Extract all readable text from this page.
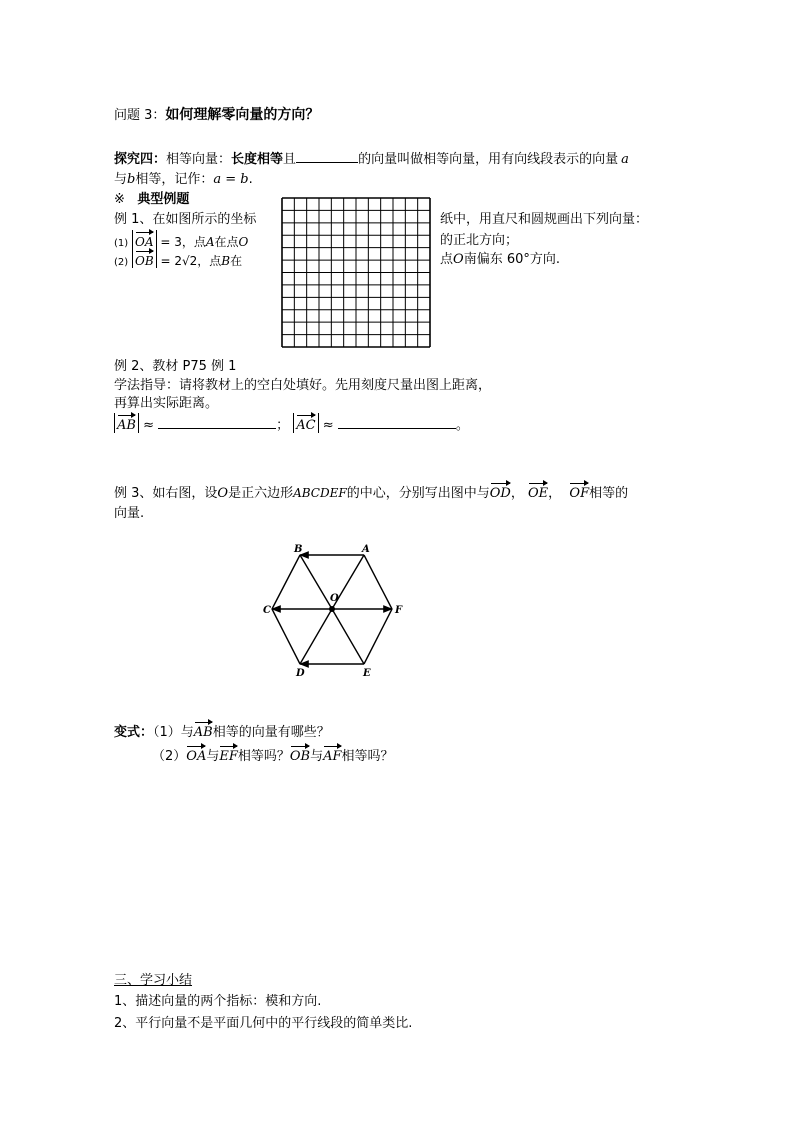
问题 3：如何理解零向量的方向？
探究四：相等向量：长度相等且	的向量叫做相等向量，用有向线段表示的向量 a
与b相等，记作：a = b.
※ 典型例题
例 1、在如图所示的坐标
(1) OA = 3，点A在点O
(2) OB = 2√2，点B在
纸中，用直尺和圆规画出下列向量：
的正北方向；
点O南偏东 60°方向.
例 2、教材 P75 例 1
学法指导：请将教材上的空白处填好。先用刻度尺量出图上距离，
再算出实际距离。
AB ≈	； AC ≈	。
例 3、如右图，设O是正六边形ABCDEF的中心，分别写出图中与OD， OE， OF相等的
向量.
B	A
C
O
F
D	E
变式：（1）与AB相等的向量有哪些？
（2）OA与EF相等吗？OB与AF相等吗？
三、学习小结
1、描述向量的两个指标：模和方向.
2、平行向量不是平面几何中的平行线段的简单类比.
